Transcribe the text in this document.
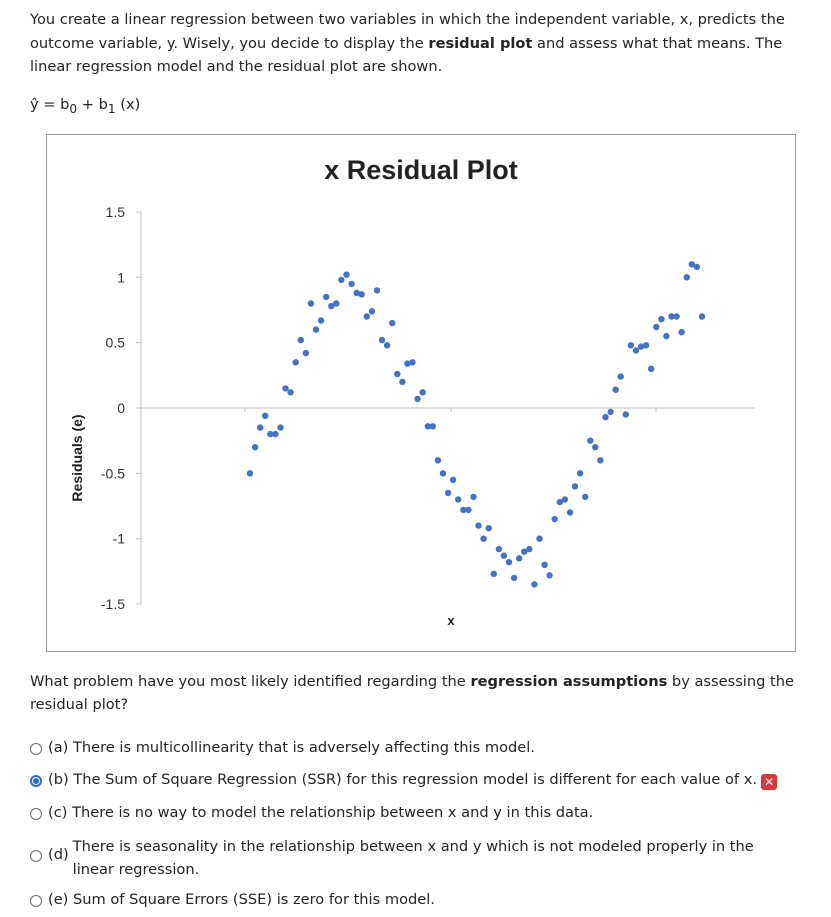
You create a linear regression between two variables in which the independent variable, x, predicts the outcome variable, y. Wisely, you decide to display the residual plot and assess what that means. The linear regression model and the residual plot are shown.

ŷ = $b_0 + b_1$ (x)
x Residual Plot
Residuals (e)
x
1.5
1
0.5
0
-0.5
-1
-1.5

What problem have you most likely identified regarding the regression assumptions by assessing the residual plot?

(a) There is multicollinearity that is adversely affecting this model.
(b) The Sum of Square Regression (SSR) for this regression model is different for each value of x. ✕
(c) There is no way to model the relationship between x and y in this data.
(d) There is seasonality in the relationship between x and y which is not modeled properly in the linear regression.
(e) Sum of Square Errors (SSE) is zero for this model.
